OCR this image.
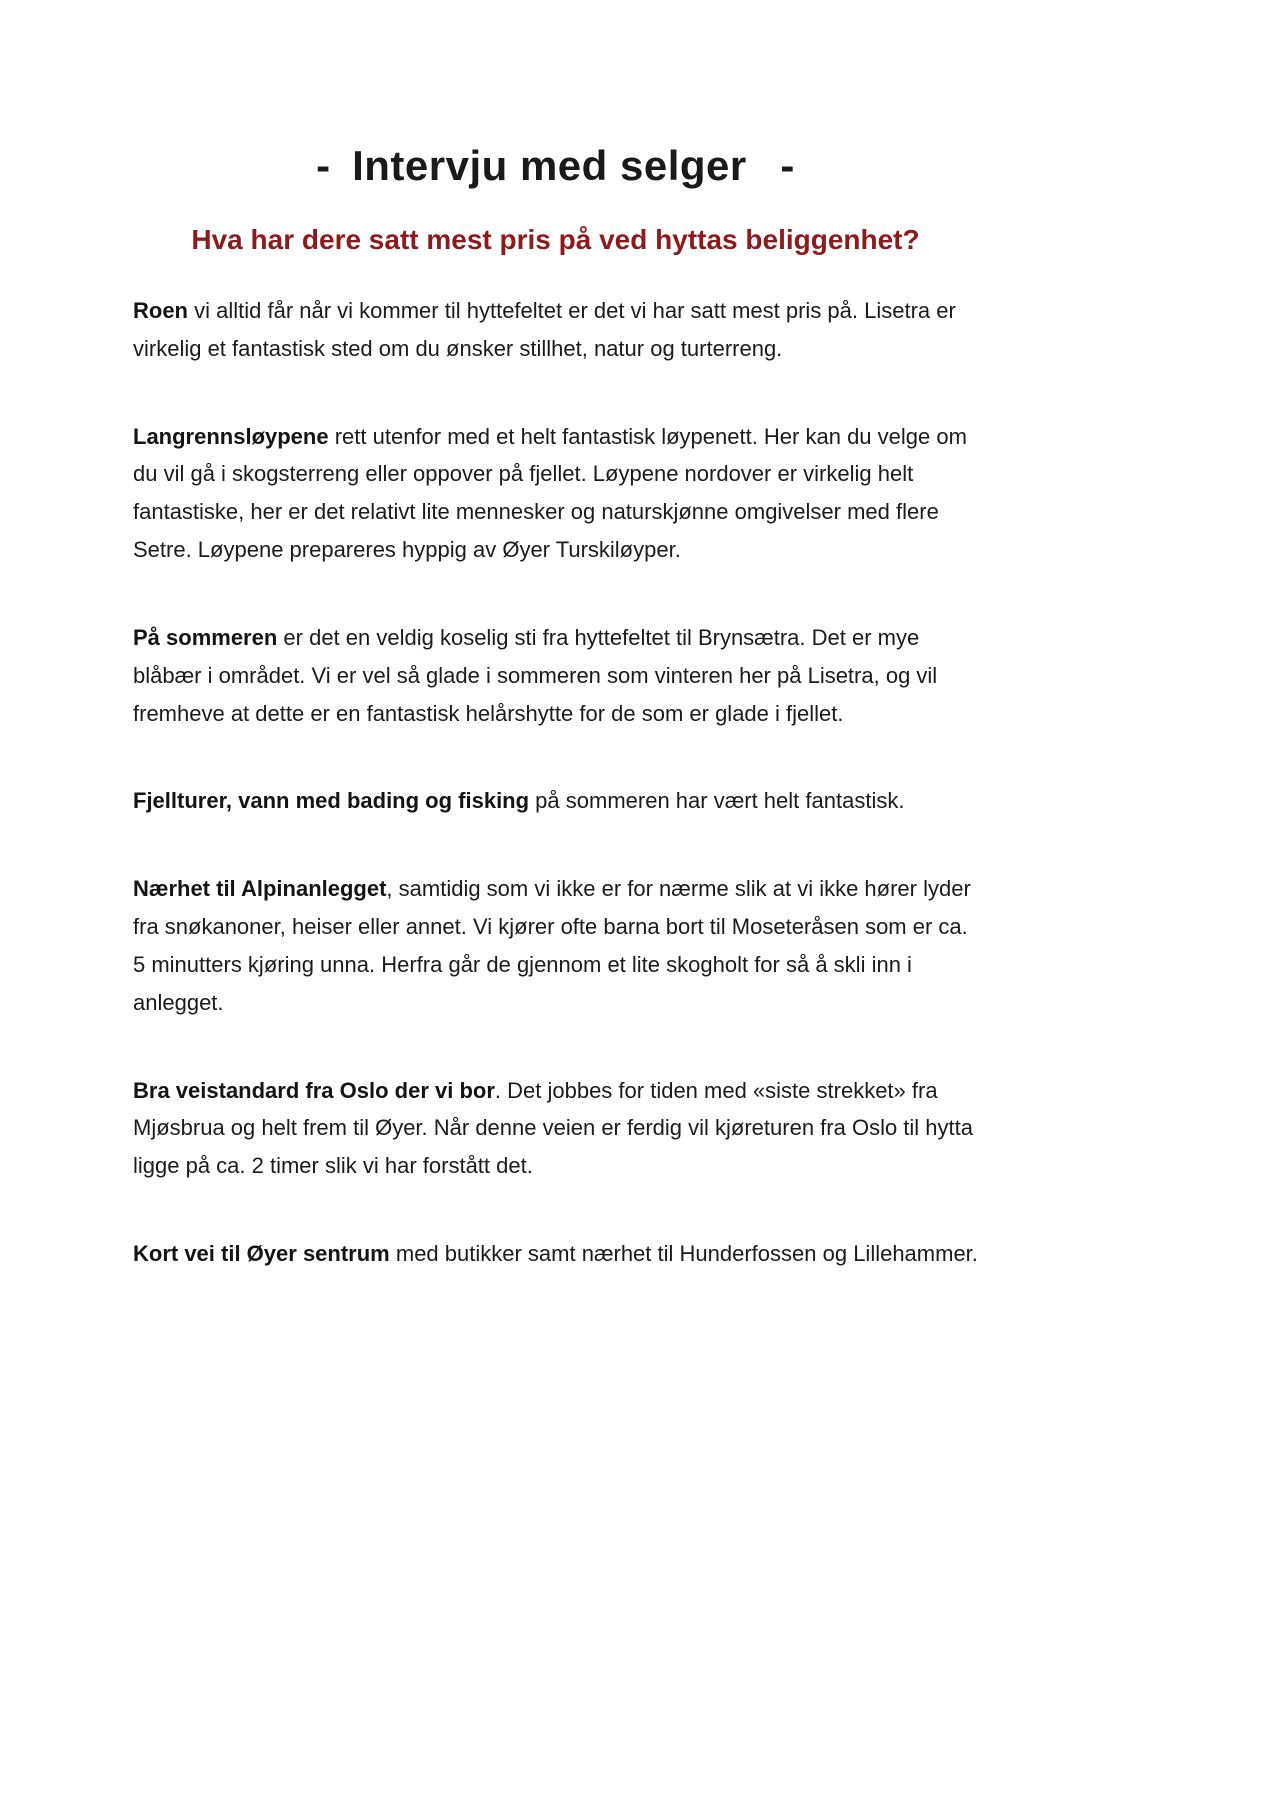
- Intervju med selger  -
Hva har dere satt mest pris på ved hyttas beliggenhet?

Roen vi alltid får når vi kommer til hyttefeltet er det vi har satt mest pris på. Lisetra er virkelig et fantastisk sted om du ønsker stillhet, natur og turterreng.

Langrennsløypene rett utenfor med et helt fantastisk løypenett. Her kan du velge om du vil gå i skogsterreng eller oppover på fjellet. Løypene nordover er virkelig helt fantastiske, her er det relativt lite mennesker og naturskjønne omgivelser med flere Setre. Løypene prepareres hyppig av Øyer Turskiløyper.

På sommeren er det en veldig koselig sti fra hyttefeltet til Brynsætra. Det er mye blåbær i området. Vi er vel så glade i sommeren som vinteren her på Lisetra, og vil fremheve at dette er en fantastisk helårshytte for de som er glade i fjellet.

Fjellturer, vann med bading og fisking på sommeren har vært helt fantastisk.

Nærhet til Alpinanlegget, samtidig som vi ikke er for nærme slik at vi ikke hører lyder fra snøkanoner, heiser eller annet. Vi kjører ofte barna bort til Moseteråsen som er ca. 5 minutters kjøring unna. Herfra går de gjennom et lite skogholt for så å skli inn i anlegget.

Bra veistandard fra Oslo der vi bor. Det jobbes for tiden med «siste strekket» fra Mjøsbrua og helt frem til Øyer. Når denne veien er ferdig vil kjøreturen fra Oslo til hytta ligge på ca. 2 timer slik vi har forstått det.

Kort vei til Øyer sentrum med butikker samt nærhet til Hunderfossen og Lillehammer.
